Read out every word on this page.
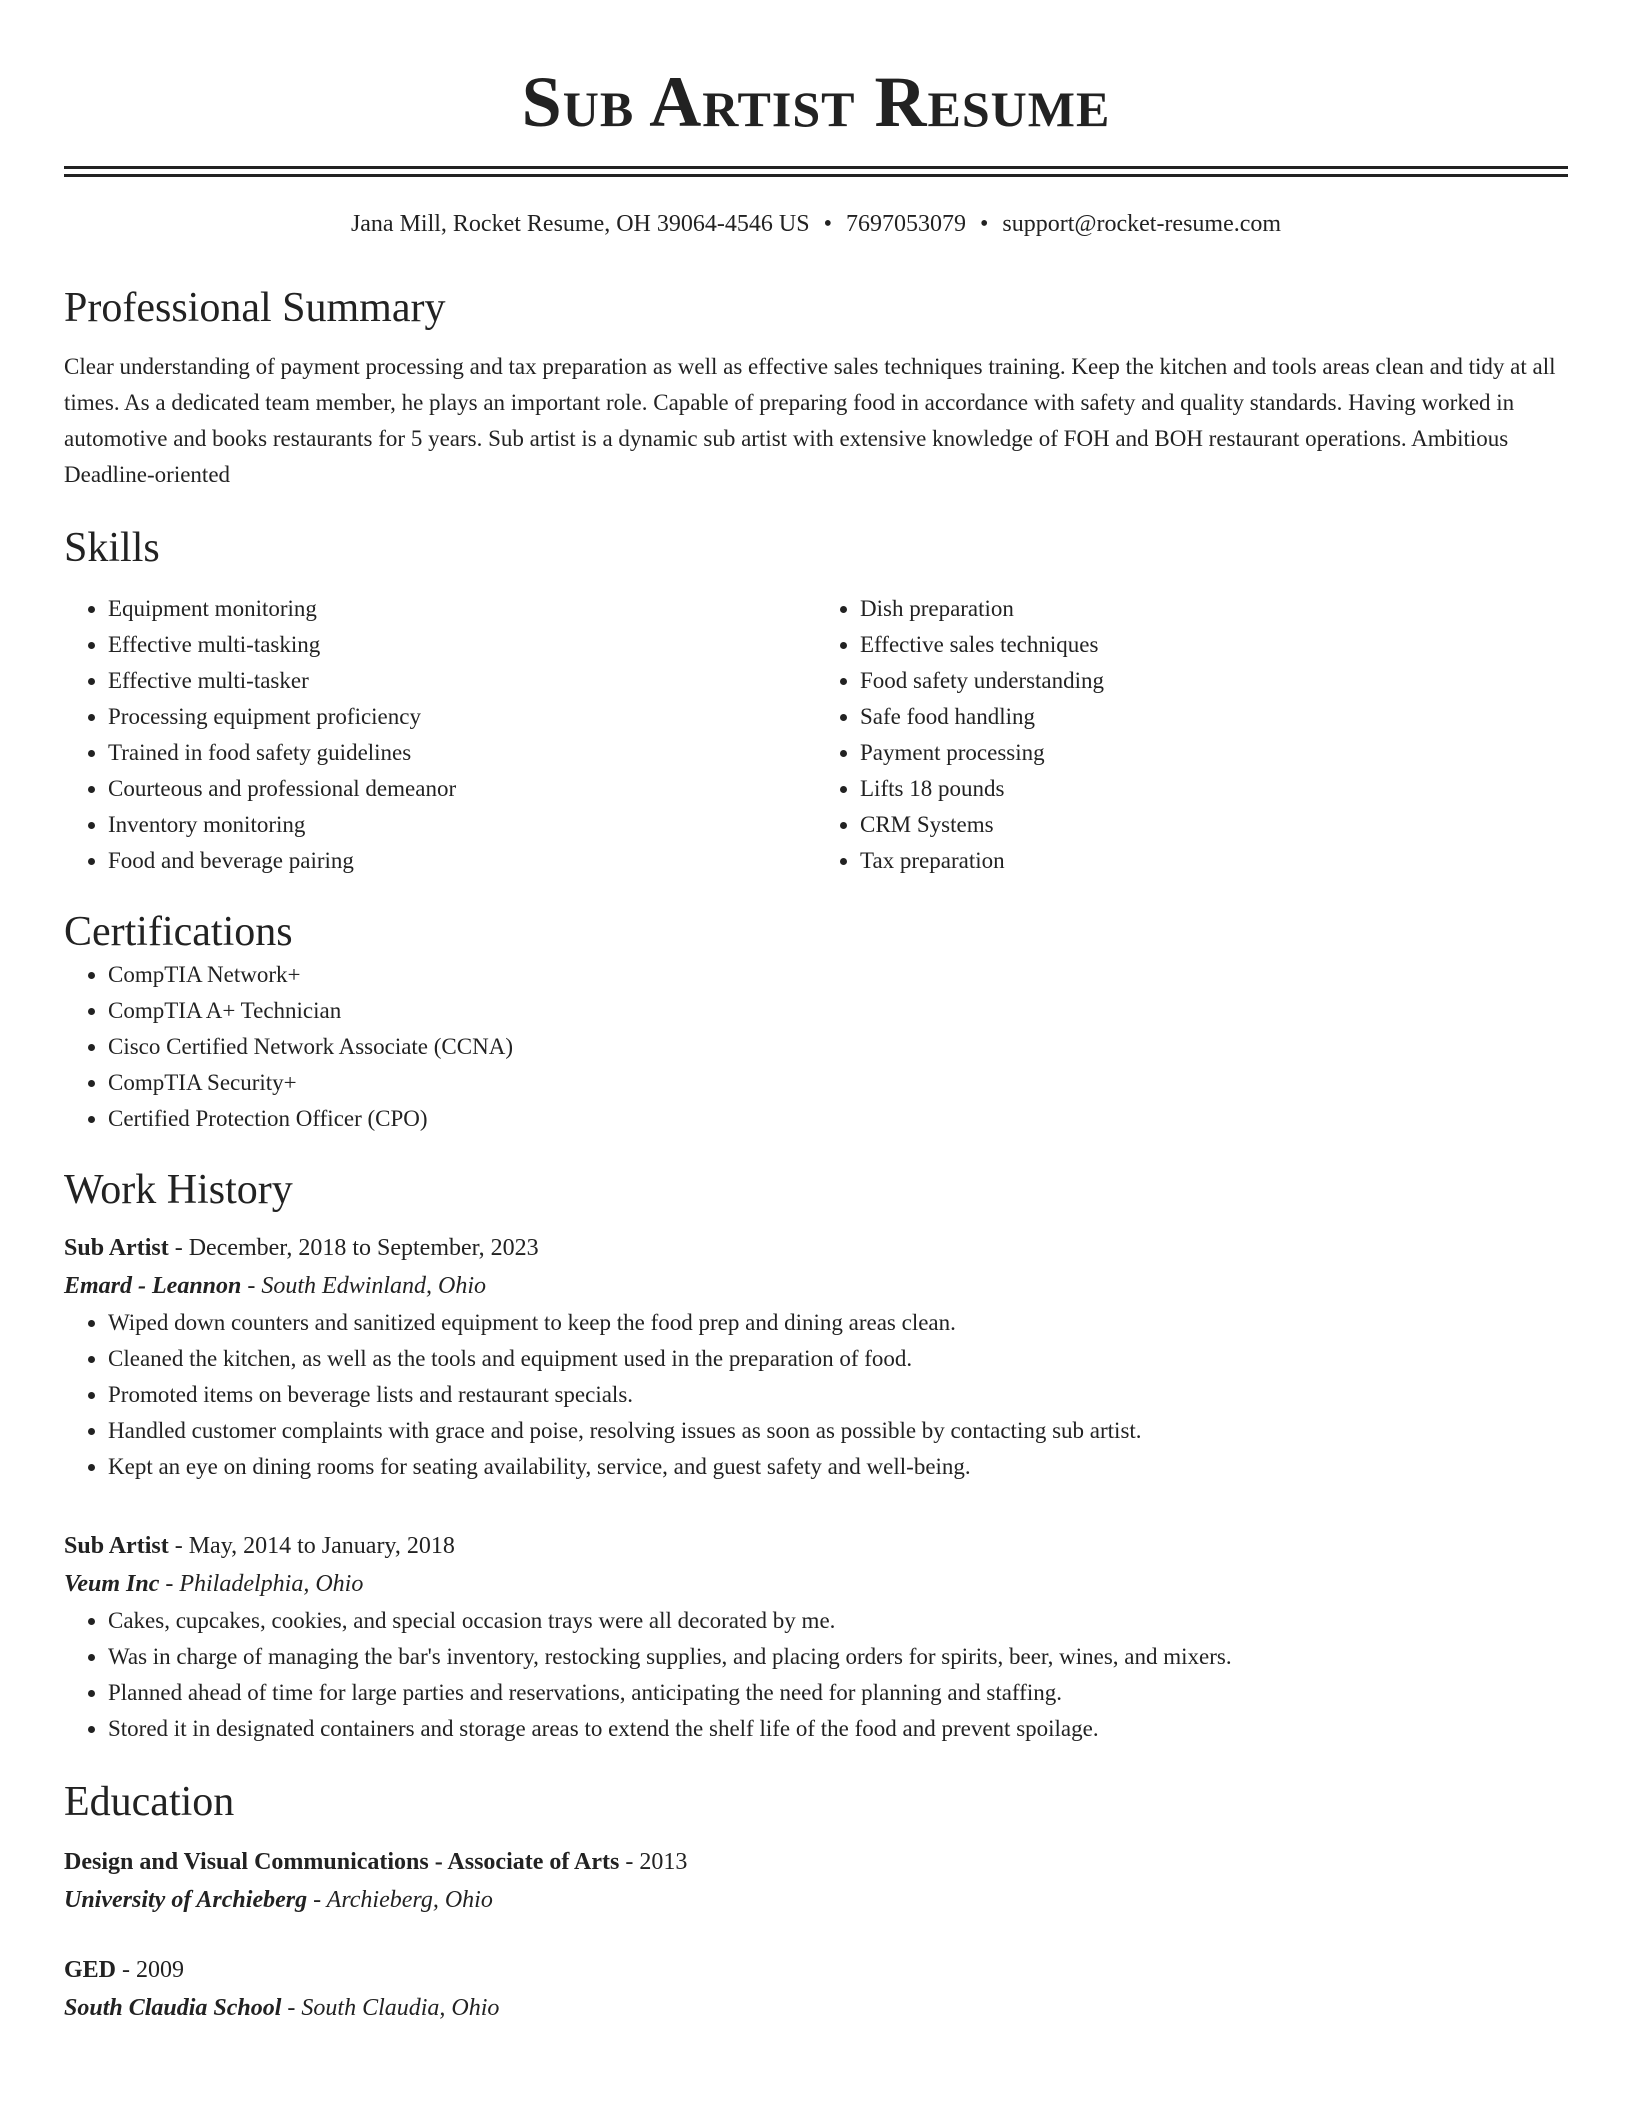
Sub Artist Resume
Jana Mill, Rocket Resume, OH 39064-4546 US • 7697053079 • support@rocket-resume.com
Professional Summary

Clear understanding of payment processing and tax preparation as well as effective sales techniques training. Keep the kitchen and tools areas clean and tidy at all times. As a dedicated team member, he plays an important role. Capable of preparing food in accordance with safety and quality standards. Having worked in automotive and books restaurants for 5 years. Sub artist is a dynamic sub artist with extensive knowledge of FOH and BOH restaurant operations. Ambitious Deadline-oriented

Skills
• Equipment monitoring
• Effective multi-tasking
• Effective multi-tasker
• Processing equipment proficiency
• Trained in food safety guidelines
• Courteous and professional demeanor
• Inventory monitoring
• Food and beverage pairing
• Dish preparation
• Effective sales techniques
• Food safety understanding
• Safe food handling
• Payment processing
• Lifts 18 pounds
• CRM Systems
• Tax preparation
Certifications
• CompTIA Network+
• CompTIA A+ Technician
• Cisco Certified Network Associate (CCNA)
• CompTIA Security+
• Certified Protection Officer (CPO)
Work History
Sub Artist - December, 2018 to September, 2023
Emard - Leannon - South Edwinland, Ohio
• Wiped down counters and sanitized equipment to keep the food prep and dining areas clean.
• Cleaned the kitchen, as well as the tools and equipment used in the preparation of food.
• Promoted items on beverage lists and restaurant specials.
• Handled customer complaints with grace and poise, resolving issues as soon as possible by contacting sub artist.
• Kept an eye on dining rooms for seating availability, service, and guest safety and well-being.
Sub Artist - May, 2014 to January, 2018
Veum Inc - Philadelphia, Ohio
• Cakes, cupcakes, cookies, and special occasion trays were all decorated by me.
• Was in charge of managing the bar's inventory, restocking supplies, and placing orders for spirits, beer, wines, and mixers.
• Planned ahead of time for large parties and reservations, anticipating the need for planning and staffing.
• Stored it in designated containers and storage areas to extend the shelf life of the food and prevent spoilage.
Education
Design and Visual Communications - Associate of Arts - 2013
University of Archieberg - Archieberg, Ohio
GED - 2009
South Claudia School - South Claudia, Ohio
